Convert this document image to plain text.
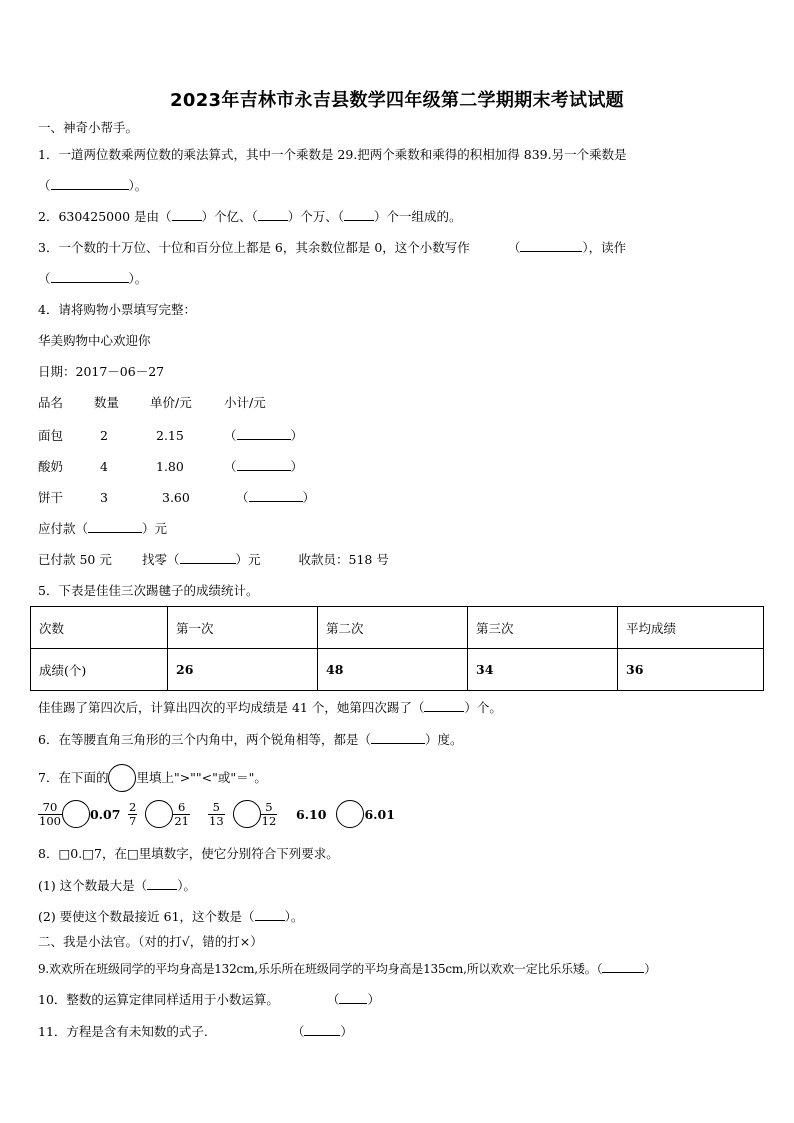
2023年吉林市永吉县数学四年级第二学期期末考试试题
一、神奇小帮手。
1．一道两位数乘两位数的乘法算式，其中一个乘数是 29.把两个乘数和乘得的积相加得 839.另一个乘数是
（	）。
2．630425000 是由（ ）个亿、（ ）个万、（ ）个一组成的。
3．一个数的十万位、十位和百分位上都是 6，其余数位都是 0，这个小数写作	（	），读作
（	）。
4．请将购物小票填写完整：
华美购物中心欢迎你
日期：2017－06－27
品名 数量 单价/元	小计/元
面包	2	2.15	（	）
酸奶	4	1.80	（	）
饼干	3	3.60	（	）
应付款（	）元
已付款 50 元 找零（	）元	收款员：518 号
5．下表是佳佳三次踢毽子的成绩统计。
次数	第一次	第二次	第三次	平均成绩
成绩(个)	26	48	34	36
佳佳踢了第四次后，计算出四次的平均成绩是 41 个，她第四次踢了（	）个。
6．在等腰直角三角形的三个内角中，两个锐角相等，都是（	）度。
7．在下面的 里填上">""<"或"＝"。
$\frac{70}{100} 0.07 \frac{2}{7}$	$\frac{6}{21} \frac{5}{13}$	$\frac{5}{12} 6.10$	6.01
8．□0.□7，在□里填数字，使它分别符合下列要求。
(1) 这个数最大是（ ）。
(2) 要使这个数最接近 61，这个数是（ ）。
二、我是小法官。（对的打√，错的打×）
9.欢欢所在班级同学的平均身高是132cm,乐乐所在班级同学的平均身高是135cm,所以欢欢一定比乐乐矮。（	）
10．整数的运算定律同样适用于小数运算。	（ ）
11．方程是含有未知数的式子.	（	）
